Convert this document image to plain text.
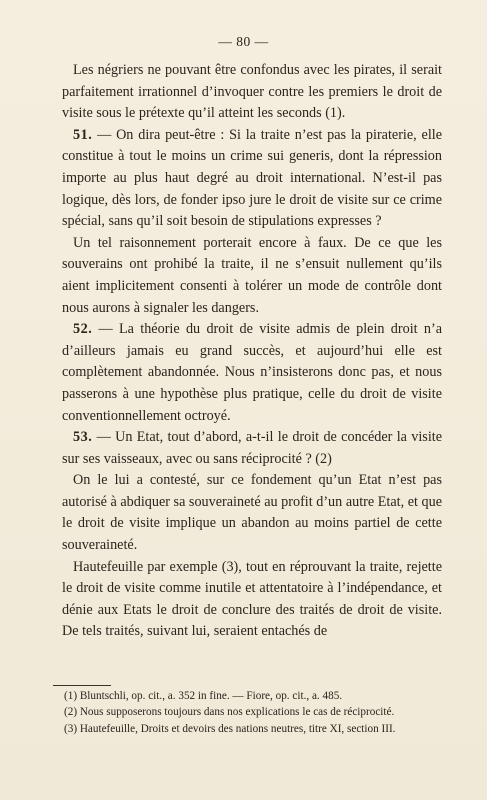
— 80 —

Les négriers ne pouvant être confondus avec les pirates, il serait parfaitement irrationnel d’invoquer contre les premiers le droit de visite sous le prétexte qu’il atteint les seconds (1).

51. — On dira peut-être : Si la traite n’est pas la piraterie, elle constitue à tout le moins un crime sui generis, dont la répression importe au plus haut degré au droit international. N’est-il pas logique, dès lors, de fonder ipso jure le droit de visite sur ce crime spécial, sans qu’il soit besoin de stipulations expresses ?

Un tel raisonnement porterait encore à faux. De ce que les souverains ont prohibé la traite, il ne s’ensuit nullement qu’ils aient implicitement consenti à tolérer un mode de contrôle dont nous aurons à signaler les dangers.

52. — La théorie du droit de visite admis de plein droit n’a d’ailleurs jamais eu grand succès, et aujourd’hui elle est complètement abandonnée. Nous n’insisterons donc pas, et nous passerons à une hypothèse plus pratique, celle du droit de visite conventionnellement octroyé.

53. — Un Etat, tout d’abord, a-t-il le droit de concéder la visite sur ses vaisseaux, avec ou sans réciprocité ? (2)

On le lui a contesté, sur ce fondement qu’un Etat n’est pas autorisé à abdiquer sa souveraineté au profit d’un autre Etat, et que le droit de visite implique un abandon au moins partiel de cette souveraineté.

Hautefeuille par exemple (3), tout en réprouvant la traite, rejette le droit de visite comme inutile et attentatoire à l’indépendance, et dénie aux Etats le droit de conclure des traités de droit de visite. De tels traités, suivant lui, seraient entachés de

(1) Bluntschli, op. cit., a. 352 in fine. — Fiore, op. cit., a. 485.

(2) Nous supposerons toujours dans nos explications le cas de réciprocité.

(3) Hautefeuille, Droits et devoirs des nations neutres, titre XI, section III.
